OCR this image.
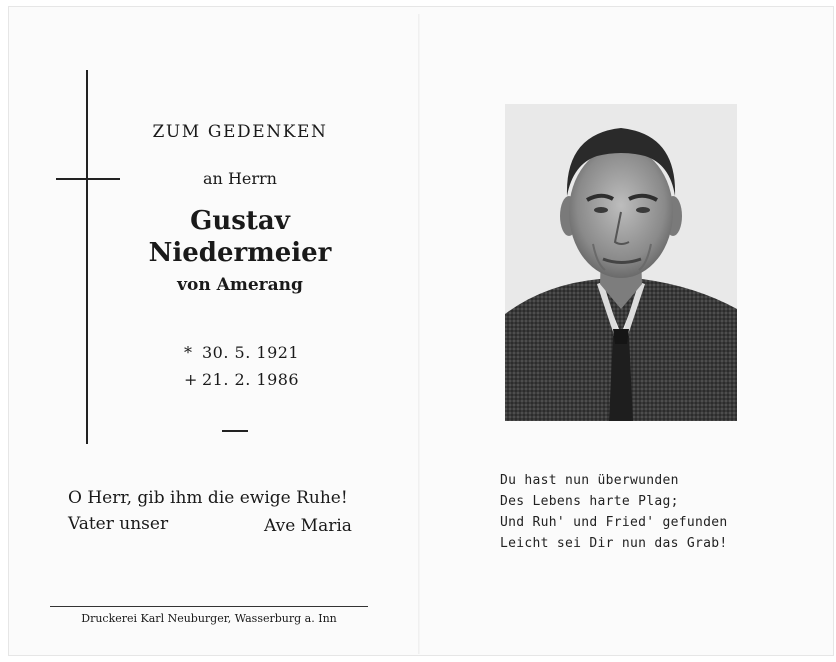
ZUM GEDENKEN
an Herrn
Gustav
Niedermeier
von Amerang
* 30. 5. 1921
+ 21. 2. 1986
O Herr, gib ihm die ewige Ruhe!
Vater unser	Ave Maria
Druckerei Karl Neuburger, Wasserburg a. Inn
Du hast nun überwunden
Des Lebens harte Plag;
Und Ruh' und Fried' gefunden
Leicht sei Dir nun das Grab!
